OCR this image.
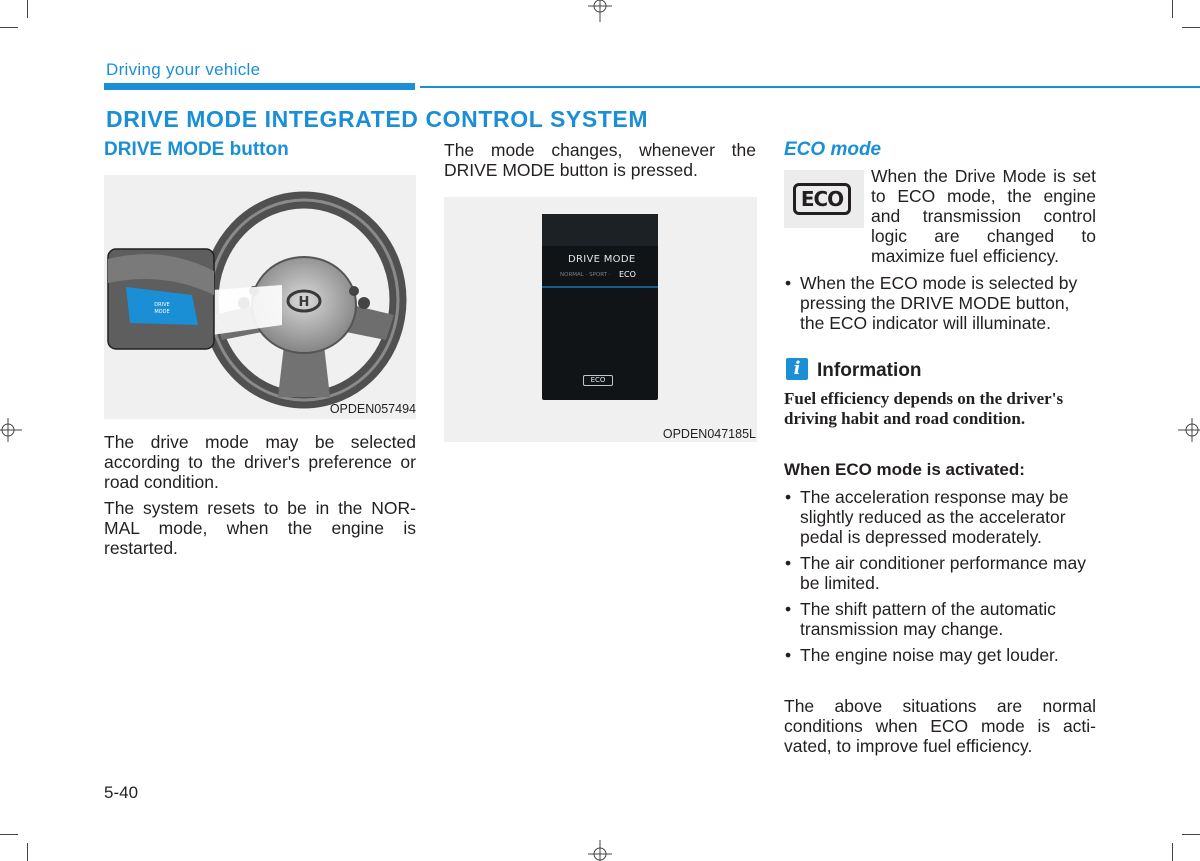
Driving your vehicle
DRIVE MODE INTEGRATED CONTROL SYSTEM
DRIVE MODE button
H
DRIVE
MODE
OPDEN057494
The drive mode may be selected according to the driver's preference or road condition.
The system resets to be in the NOR-MAL mode, when the engine is restarted.
The mode changes, whenever the DRIVE MODE button is pressed.
DRIVE MODE
NORMAL · SPORT · ECO
ECO
OPDEN047185L
ECO mode
ECO
When the Drive Mode is set to ECO mode, the engine and transmission control logic are changed to maximize fuel efficiency.
• When the ECO mode is selected by pressing the DRIVE MODE button, the ECO indicator will illuminate.
i Information
Fuel efficiency depends on the driver's driving habit and road condition.
When ECO mode is activated:
• The acceleration response may be slightly reduced as the accelerator pedal is depressed moderately.
• The air conditioner performance may be limited.
• The shift pattern of the automatic transmission may change.
• The engine noise may get louder.
The above situations are normal conditions when ECO mode is acti-vated, to improve fuel efficiency.
5-40
